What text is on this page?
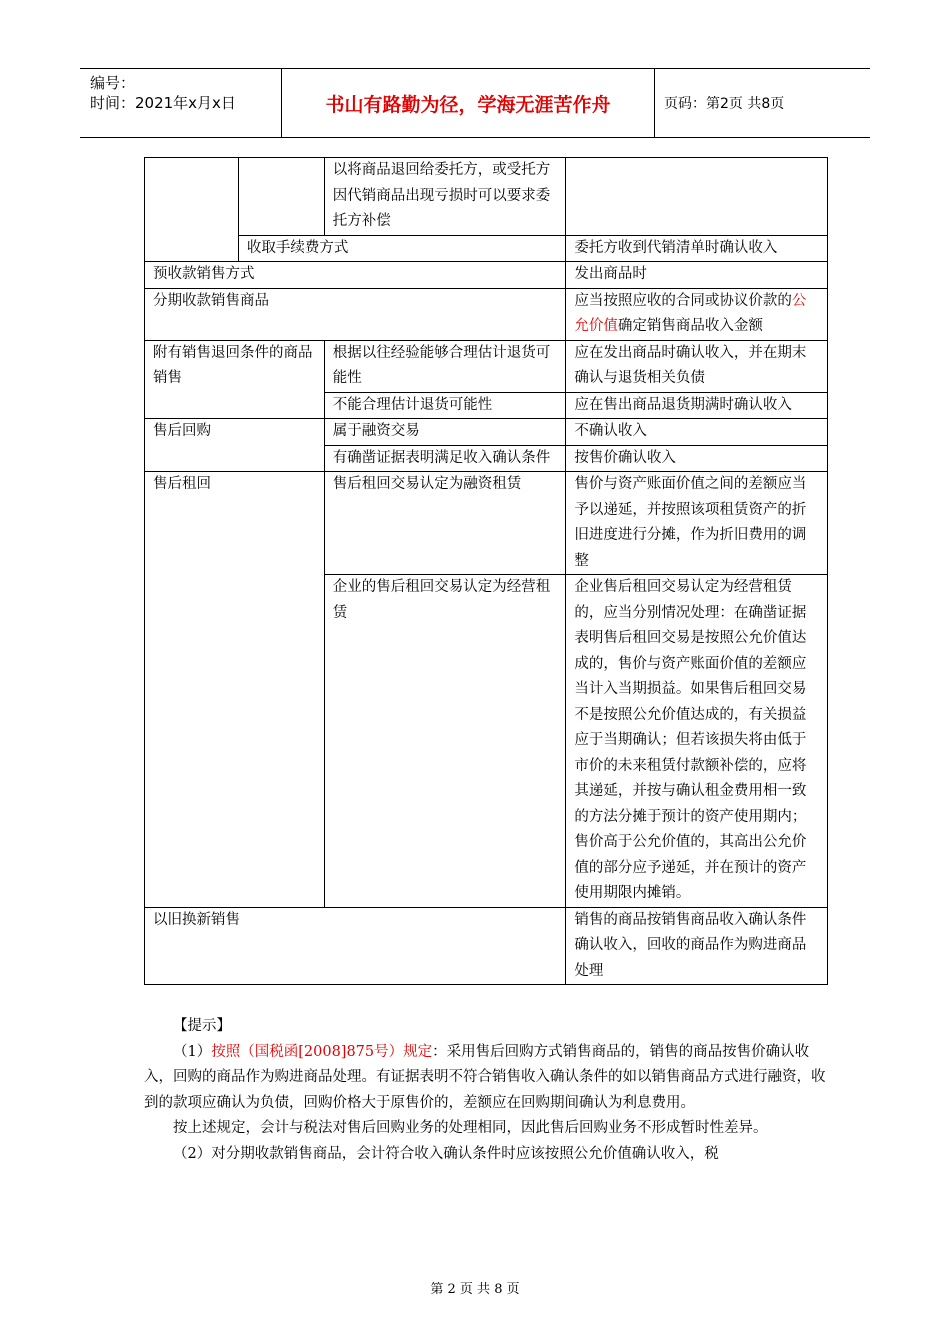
编号：
时间：2021年x月x日	书山有路勤为径，学海无涯苦作舟	页码：第2页 共8页
		以将商品退回给委托方，或受托方因代销商品出现亏损时可以要求委托方补偿	
	收取手续费方式		委托方收到代销清单时确认收入
预收款销售方式			发出商品时
分期收款销售商品			应当按照应收的合同或协议价款的公允价值确定销售商品收入金额
附有销售退回条件的商品销售		根据以往经验能够合理估计退货可能性	应在发出商品时确认收入，并在期末确认与退货相关负债
		不能合理估计退货可能性	应在售出商品退货期满时确认收入
售后回购		属于融资交易	不确认收入
		有确凿证据表明满足收入确认条件	按售价确认收入
售后租回		售后租回交易认定为融资租赁	售价与资产账面价值之间的差额应当予以递延，并按照该项租赁资产的折旧进度进行分摊，作为折旧费用的调整
		企业的售后租回交易认定为经营租赁	企业售后租回交易认定为经营租赁的，应当分别情况处理：在确凿证据表明售后租回交易是按照公允价值达成的，售价与资产账面价值的差额应当计入当期损益。如果售后租回交易不是按照公允价值达成的，有关损益应于当期确认；但若该损失将由低于市价的未来租赁付款额补偿的，应将其递延，并按与确认租金费用相一致的方法分摊于预计的资产使用期内；售价高于公允价值的，其高出公允价值的部分应予递延，并在预计的资产使用期限内摊销。
以旧换新销售			销售的商品按销售商品收入确认条件确认收入，回收的商品作为购进商品处理

【提示】

（1）按照（国税函[2008]875号）规定：采用售后回购方式销售商品的，销售的商品按售价确认收入，回购的商品作为购进商品处理。有证据表明不符合销售收入确认条件的如以销售商品方式进行融资，收到的款项应确认为负债，回购价格大于原售价的，差额应在回购期间确认为利息费用。

按上述规定，会计与税法对售后回购业务的处理相同，因此售后回购业务不形成暂时性差异。

（2）对分期收款销售商品，会计符合收入确认条件时应该按照公允价值确认收入，税

第 2 页 共 8 页
